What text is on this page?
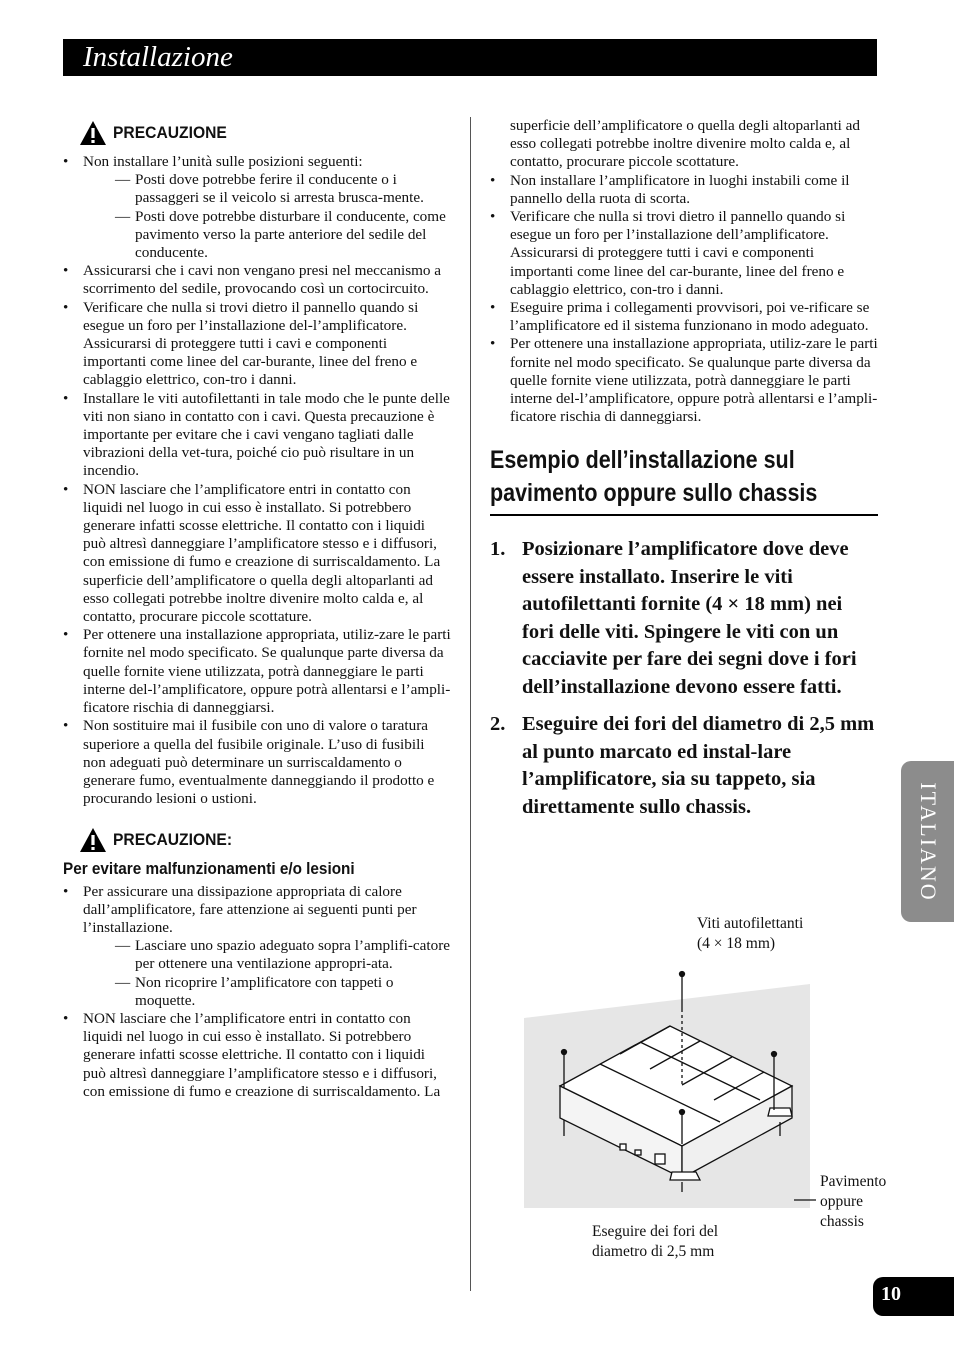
Installazione
PRECAUZIONE
• Non installare l’unità sulle posizioni seguenti:
— Posti dove potrebbe ferire il conducente o i passaggeri se il veicolo si arresta brusca-mente.
— Posti dove potrebbe disturbare il conducente, come pavimento verso la parte anteriore del sedile del conducente.
• Assicurarsi che i cavi non vengano presi nel meccanismo a scorrimento del sedile, provocando così un cortocircuito.
• Verificare che nulla si trovi dietro il pannello quando si esegue un foro per l’installazione del-l’amplificatore. Assicurarsi di proteggere tutti i cavi e componenti importanti come linee del car-burante, linee del freno e cablaggio elettrico, con-tro i danni.
• Installare le viti autofilettanti in tale modo che le punte delle viti non siano in contatto con i cavi. Questa precauzione è importante per evitare che i cavi vengano tagliati dalle vibrazioni della vet-tura, poiché cio può risultare in un incendio.
• NON lasciare che l’amplificatore entri in contatto con liquidi nel luogo in cui esso è installato. Si potrebbero generare infatti scosse elettriche. Il contatto con i liquidi può altresì danneggiare l’amplificatore stesso e i diffusori, con emissione di fumo e creazione di surriscaldamento. La superficie dell’amplificatore o quella degli altoparlanti ad esso collegati potrebbe inoltre divenire molto calda e, al contatto, procurare piccole scottature.
• Per ottenere una installazione appropriata, utiliz-zare le parti fornite nel modo specificato. Se qualunque parte diversa da quelle fornite viene utilizzata, potrà danneggiare le parti interne del-l’amplificatore, oppure potrà allentarsi e l’ampli-ficatore rischia di danneggiarsi.
• Non sostituire mai il fusibile con uno di valore o taratura superiore a quella del fusibile originale. L’uso di fusibili non adeguati può determinare un surriscaldamento o generare fumo, eventualmente danneggiando il prodotto e procurando lesioni o ustioni.
PRECAUZIONE:
Per evitare malfunzionamenti e/o lesioni
• Per assicurare una dissipazione appropriata di calore dall’amplificatore, fare attenzione ai seguenti punti per l’installazione.
— Lasciare uno spazio adeguato sopra l’amplifi-catore per ottenere una ventilazione appropri-ata.
— Non ricoprire l’amplificatore con tappeti o moquette.
• NON lasciare che l’amplificatore entri in contatto con liquidi nel luogo in cui esso è installato. Si potrebbero generare infatti scosse elettriche. Il contatto con i liquidi può altresì danneggiare l’amplificatore stesso e i diffusori, con emissione di fumo e creazione di surriscaldamento. La

superficie dell’amplificatore o quella degli altoparlanti ad esso collegati potrebbe inoltre divenire molto calda e, al contatto, procurare piccole scottature.

• Non installare l’amplificatore in luoghi instabili come il pannello della ruota di scorta.
• Verificare che nulla si trovi dietro il pannello quando si esegue un foro per l’installazione dell’amplificatore. Assicurarsi di proteggere tutti i cavi e componenti importanti come linee del car-burante, linee del freno e cablaggio elettrico, con-tro i danni.
• Eseguire prima i collegamenti provvisori, poi ve-rificare se l’amplificatore ed il sistema funzionano in modo adeguato.
• Per ottenere una installazione appropriata, utiliz-zare le parti fornite nel modo specificato. Se qualunque parte diversa da quelle fornite viene utilizzata, potrà danneggiare le parti interne del-l’amplificatore, oppure potrà allentarsi e l’ampli-ficatore rischia di danneggiarsi.
Esempio dell’installazione sul pavimento oppure sullo chassis
1. Posizionare l’amplificatore dove deve essere installato. Inserire le viti autofilettanti fornite (4 × 18 mm) nei fori delle viti. Spingere le viti con un cacciavite per fare dei segni dove i fori dell’installazione devono essere fatti.
2. Eseguire dei fori del diametro di 2,5 mm al punto marcato ed instal-lare l’amplificatore, sia su tappeto, sia direttamente sullo chassis.
Viti autofilettanti
(4 × 18 mm)
Pavimento
oppure
chassis
Eseguire dei fori del
diametro di 2,5 mm
ITALIANO
10
